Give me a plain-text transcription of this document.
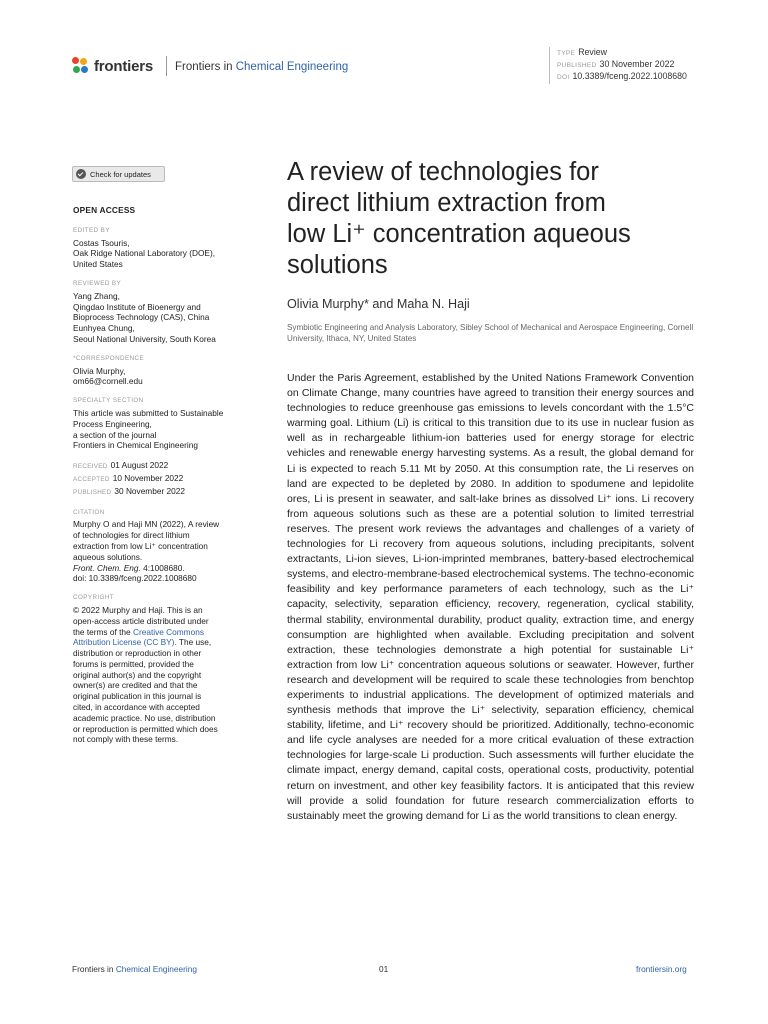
frontiers Frontiers in Chemical Engineering
TYPE Review
PUBLISHED 30 November 2022
DOI 10.3389/fceng.2022.1008680
Check for updates
OPEN ACCESS
EDITED BY
Costas Tsouris,
Oak Ridge National Laboratory (DOE),
United States
REVIEWED BY
Yang Zhang,
Qingdao Institute of Bioenergy and
Bioprocess Technology (CAS), China
Eunhyea Chung,
Seoul National University, South Korea
*CORRESPONDENCE
Olivia Murphy,
om66@cornell.edu
SPECIALTY SECTION
This article was submitted to Sustainable
Process Engineering,
a section of the journal
Frontiers in Chemical Engineering
RECEIVED 01 August 2022
ACCEPTED 10 November 2022
PUBLISHED 30 November 2022
CITATION
Murphy O and Haji MN (2022), A review
of technologies for direct lithium
extraction from low Li⁺ concentration
aqueous solutions.
Front. Chem. Eng. 4:1008680.
doi: 10.3389/fceng.2022.1008680
COPYRIGHT
© 2022 Murphy and Haji. This is an
open-access article distributed under
the terms of the Creative Commons
Attribution License (CC BY). The use,
distribution or reproduction in other
forums is permitted, provided the
original author(s) and the copyright
owner(s) are credited and that the
original publication in this journal is
cited, in accordance with accepted
academic practice. No use, distribution
or reproduction is permitted which does
not comply with these terms.
A review of technologies for
direct lithium extraction from
low Li⁺ concentration aqueous
solutions
Olivia Murphy* and Maha N. Haji
Symbiotic Engineering and Analysis Laboratory, Sibley School of Mechanical and Aerospace Engineering, Cornell University, Ithaca, NY, United States
Under the Paris Agreement, established by the United Nations Framework Convention on Climate Change, many countries have agreed to transition their energy sources and technologies to reduce greenhouse gas emissions to levels concordant with the 1.5°C warming goal. Lithium (Li) is critical to this transition due to its use in nuclear fusion as well as in rechargeable lithium-ion batteries used for energy storage for electric vehicles and renewable energy harvesting systems. As a result, the global demand for Li is expected to reach 5.11 Mt by 2050. At this consumption rate, the Li reserves on land are expected to be depleted by 2080. In addition to spodumene and lepidolite ores, Li is present in seawater, and salt-lake brines as dissolved Li⁺ ions. Li recovery from aqueous solutions such as these are a potential solution to limited terrestrial reserves. The present work reviews the advantages and challenges of a variety of technologies for Li recovery from aqueous solutions, including precipitants, solvent extractants, Li-ion sieves, Li-ion-imprinted membranes, battery-based electrochemical systems, and electro-membrane-based electrochemical systems. The techno-economic feasibility and key performance parameters of each technology, such as the Li⁺ capacity, selectivity, separation efficiency, recovery, regeneration, cyclical stability, thermal stability, environmental durability, product quality, extraction time, and energy consumption are highlighted when available. Excluding precipitation and solvent extraction, these technologies demonstrate a high potential for sustainable Li⁺ extraction from low Li⁺ concentration aqueous solutions or seawater. However, further research and development will be required to scale these technologies from benchtop experiments to industrial applications. The development of optimized materials and synthesis methods that improve the Li⁺ selectivity, separation efficiency, chemical stability, lifetime, and Li⁺ recovery should be prioritized. Additionally, techno-economic and life cycle analyses are needed for a more critical evaluation of these extraction technologies for large-scale Li production. Such assessments will further elucidate the climate impact, energy demand, capital costs, operational costs, productivity, potential return on investment, and other key feasibility factors. It is anticipated that this review will provide a solid foundation for future research commercialization efforts to sustainably meet the growing demand for Li as the world transitions to clean energy.
Frontiers in Chemical Engineering	01	frontiersin.org
